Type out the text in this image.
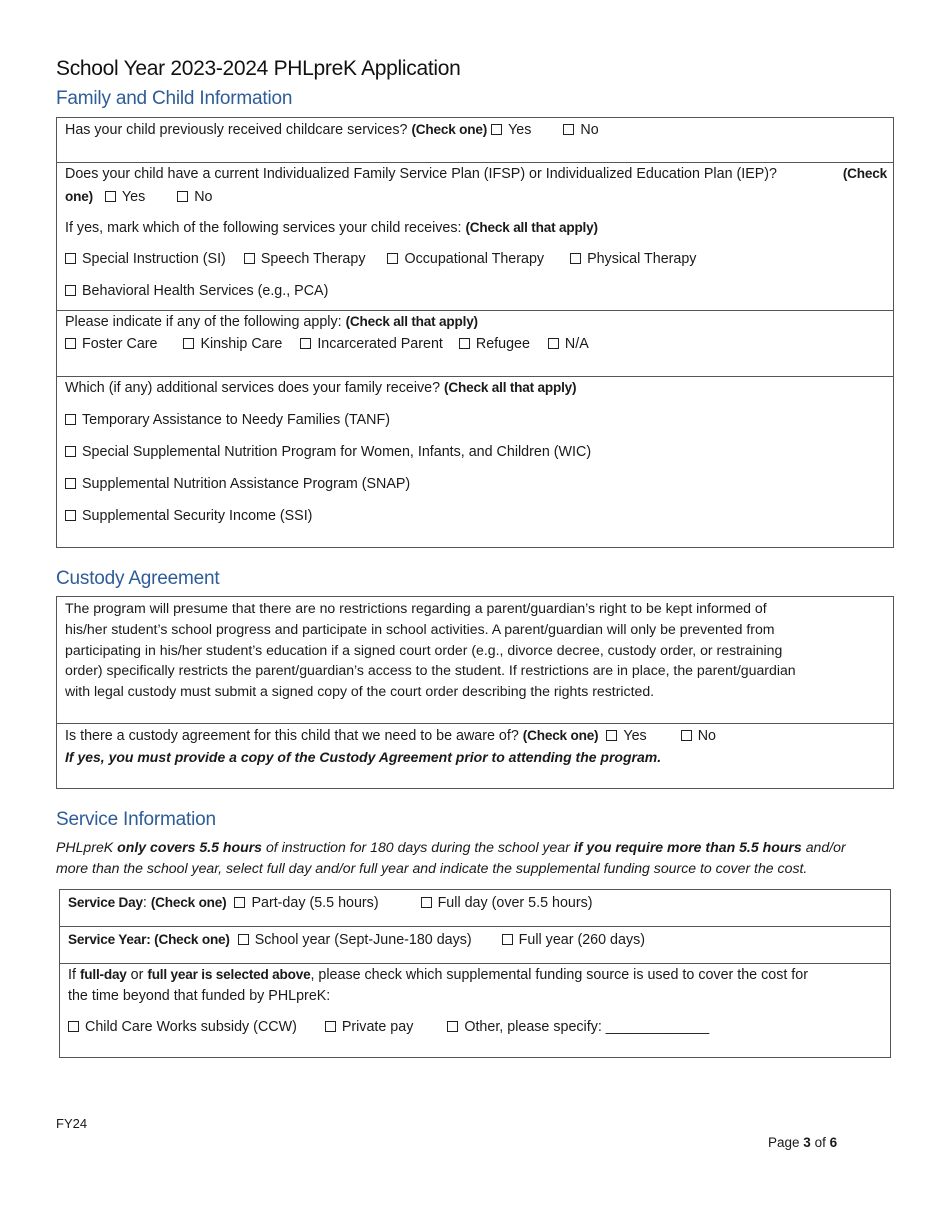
School Year 2023-2024 PHLpreK Application
Family and Child Information
Has your child previously received childcare services? (Check one) Yes	No
Does your child have a current Individualized Family Service Plan (IFSP) or Individualized Education Plan (IEP)?	(Check
one) Yes	No
If yes, mark which of the following services your child receives: (Check all that apply)
Special Instruction (SI) Speech Therapy	Occupational Therapy	Physical Therapy
Behavioral Health Services (e.g., PCA)
Please indicate if any of the following apply: (Check all that apply)
Foster Care	Kinship Care Incarcerated Parent Refugee N/A
Which (if any) additional services does your family receive? (Check all that apply)
Temporary Assistance to Needy Families (TANF)
Special Supplemental Nutrition Program for Women, Infants, and Children (WIC)
Supplemental Nutrition Assistance Program (SNAP)
Supplemental Security Income (SSI)
Custody Agreement
The program will presume that there are no restrictions regarding a parent/guardian’s right to be kept informed of
his/her student’s school progress and participate in school activities. A parent/guardian will only be prevented from
participating in his/her student’s education if a signed court order (e.g., divorce decree, custody order, or restraining
order) specifically restricts the parent/guardian’s access to the student. If restrictions are in place, the parent/guardian
with legal custody must submit a signed copy of the court order describing the rights restricted.
Is there a custody agreement for this child that we need to be aware of? (Check one) Yes	No
If yes, you must provide a copy of the Custody Agreement prior to attending the program.
Service Information
PHLpreK only covers 5.5 hours of instruction for 180 days during the school year if you require more than 5.5 hours and/or
more than the school year, select full day and/or full year and indicate the supplemental funding source to cover the cost.
Service Day: (Check one) Part-day (5.5 hours)	Full day (over 5.5 hours)
Service Year: (Check one) School year (Sept-June-180 days)	Full year (260 days)
If full-day or full year is selected above, please check which supplemental funding source is used to cover the cost for
the time beyond that funded by PHLpreK:
Child Care Works subsidy (CCW)	Private pay	Other, please specify: _____________
FY24
Page 3 of 6
